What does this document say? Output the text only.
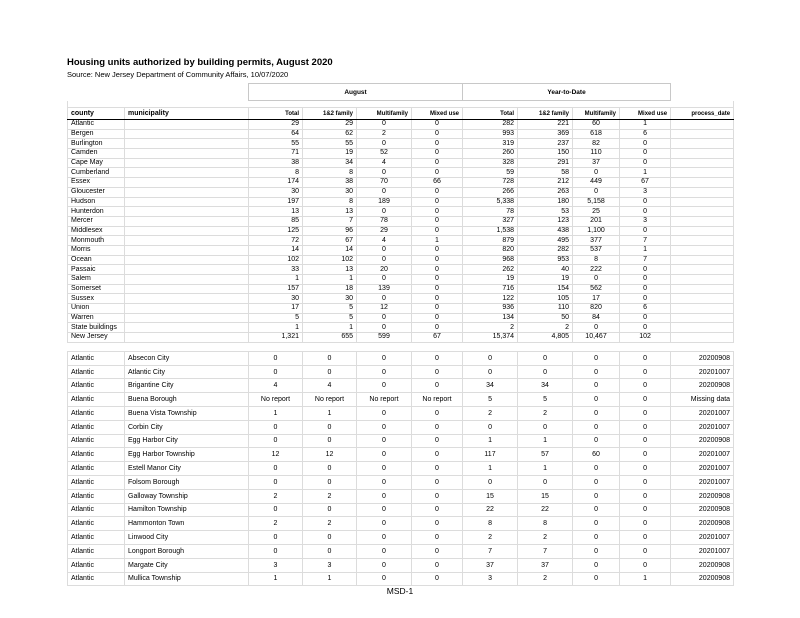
Housing units authorized by building permits, August 2020
Source: New Jersey Department of Community Affairs, 10/07/2020
		August				Year-to-Date				

county	municipality	Total	1&2 family	Multifamily	Mixed use	Total	1&2 family	Multifamily	Mixed use	process_date
Atlantic		29	29	0	0	282	221	60	1	
Bergen		64	62	2	0	993	369	618	6	
Burlington		55	55	0	0	319	237	82	0	
Camden		71	19	52	0	260	150	110	0	
Cape May		38	34	4	0	328	291	37	0	
Cumberland		8	8	0	0	59	58	0	1	
Essex		174	38	70	66	728	212	449	67	
Gloucester		30	30	0	0	266	263	0	3	
Hudson		197	8	189	0	5,338	180	5,158	0	
Hunterdon		13	13	0	0	78	53	25	0	
Mercer		85	7	78	0	327	123	201	3	
Middlesex		125	96	29	0	1,538	438	1,100	0	
Monmouth		72	67	4	1	879	495	377	7	
Morris		14	14	0	0	820	282	537	1	
Ocean		102	102	0	0	968	953	8	7	
Passaic		33	13	20	0	262	40	222	0	
Salem		1	1	0	0	19	19	0	0	
Somerset		157	18	139	0	716	154	562	0	
Sussex		30	30	0	0	122	105	17	0	
Union		17	5	12	0	936	110	820	6	
Warren		5	5	0	0	134	50	84	0	
State buildings		1	1	0	0	2	2	0	0	
New Jersey		1,321	655	599	67	15,374	4,805	10,467	102	

Atlantic	Absecon City	0	0	0	0	0	0	0	0	20200908
Atlantic	Atlantic City	0	0	0	0	0	0	0	0	20201007
Atlantic	Brigantine City	4	4	0	0	34	34	0	0	20200908
Atlantic	Buena Borough	No report	No report	No report	No report	5	5	0	0	Missing data
Atlantic	Buena Vista Township	1	1	0	0	2	2	0	0	20201007
Atlantic	Corbin City	0	0	0	0	0	0	0	0	20201007
Atlantic	Egg Harbor City	0	0	0	0	1	1	0	0	20200908
Atlantic	Egg Harbor Township	12	12	0	0	117	57	60	0	20201007
Atlantic	Estell Manor City	0	0	0	0	1	1	0	0	20201007
Atlantic	Folsom Borough	0	0	0	0	0	0	0	0	20201007
Atlantic	Galloway Township	2	2	0	0	15	15	0	0	20200908
Atlantic	Hamilton Township	0	0	0	0	22	22	0	0	20200908
Atlantic	Hammonton Town	2	2	0	0	8	8	0	0	20200908
Atlantic	Linwood City	0	0	0	0	2	2	0	0	20201007
Atlantic	Longport Borough	0	0	0	0	7	7	0	0	20201007
Atlantic	Margate City	3	3	0	0	37	37	0	0	20200908
Atlantic	Mullica Township	1	1	0	0	3	2	0	1	20200908
MSD-1
